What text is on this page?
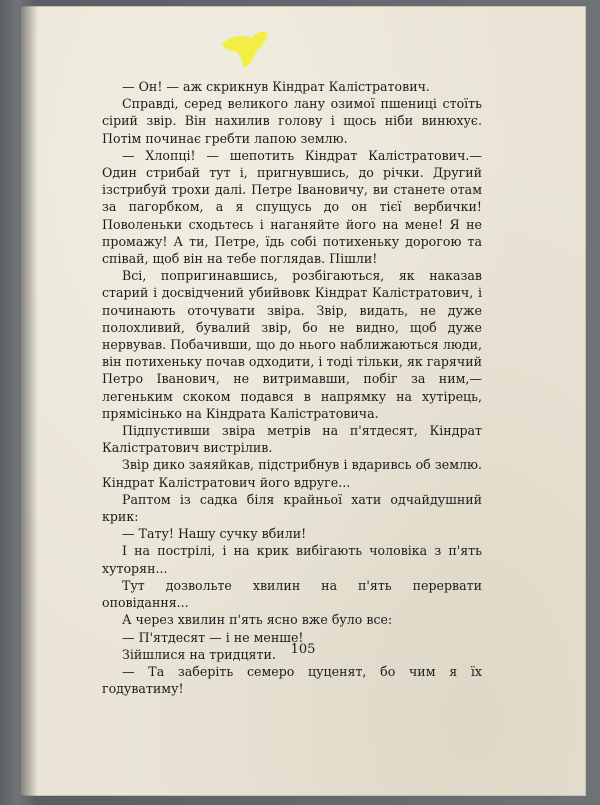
— Он! — аж скрикнув Кіндрат Калістратович.

Справді, серед великого лану озимої пшениці стоїть сірий звір. Він нахилив голову і щось ніби винюхує. Потім починає гребти лапою землю.

— Хлопці! — шепотить Кіндрат Калістратович.— Один стрибай тут і, пригнувшись, до річки. Другий ізстрибуй трохи далі. Петре Івановичу, ви станете отам за пагорбком, а я спущусь до он тієї вербички! Поволеньки сходьтесь і наганяйте його на мене! Я не промажу! А ти, Петре, їдь собі потихеньку дорогою та співай, щоб він на тебе поглядав. Пішли!

Всі, попригинавшись, розбігаються, як наказав старий і досвідчений убийвовк Кіндрат Калістратович, і починають оточувати звіра. Звір, видать, не дуже полохливий, бувалий звір, бо не видно, щоб дуже нервував. Побачивши, що до нього наближаються люди, він потихеньку почав одходити, і тоді тільки, як гарячий Петро Іванович, не витримавши, побіг за ним,— легеньким скоком подався в напрямку на хутірець, прямісінько на Кіндрата Калістратовича.

Підпустивши звіра метрів на п'ятдесят, Кіндрат Калістратович вистрілив.

Звір дико заяяйкав, підстрибнув і вдаривсь об землю. Кіндрат Калістратович його вдруге...

Раптом із садка біля крайньої хати одчайдушний крик:

— Тату! Нашу сучку вбили!

І на пострілі, і на крик вибігають чоловіка з п'ять хуторян...

Тут дозвольте хвилин на п'ять перервати оповідання...

А через хвилин п'ять ясно вже було все:

— П'ятдесят — і не менше!

Зійшлися на тридцяти.

— Та заберіть семеро цуценят, бо чим я їх годуватиму!

105
